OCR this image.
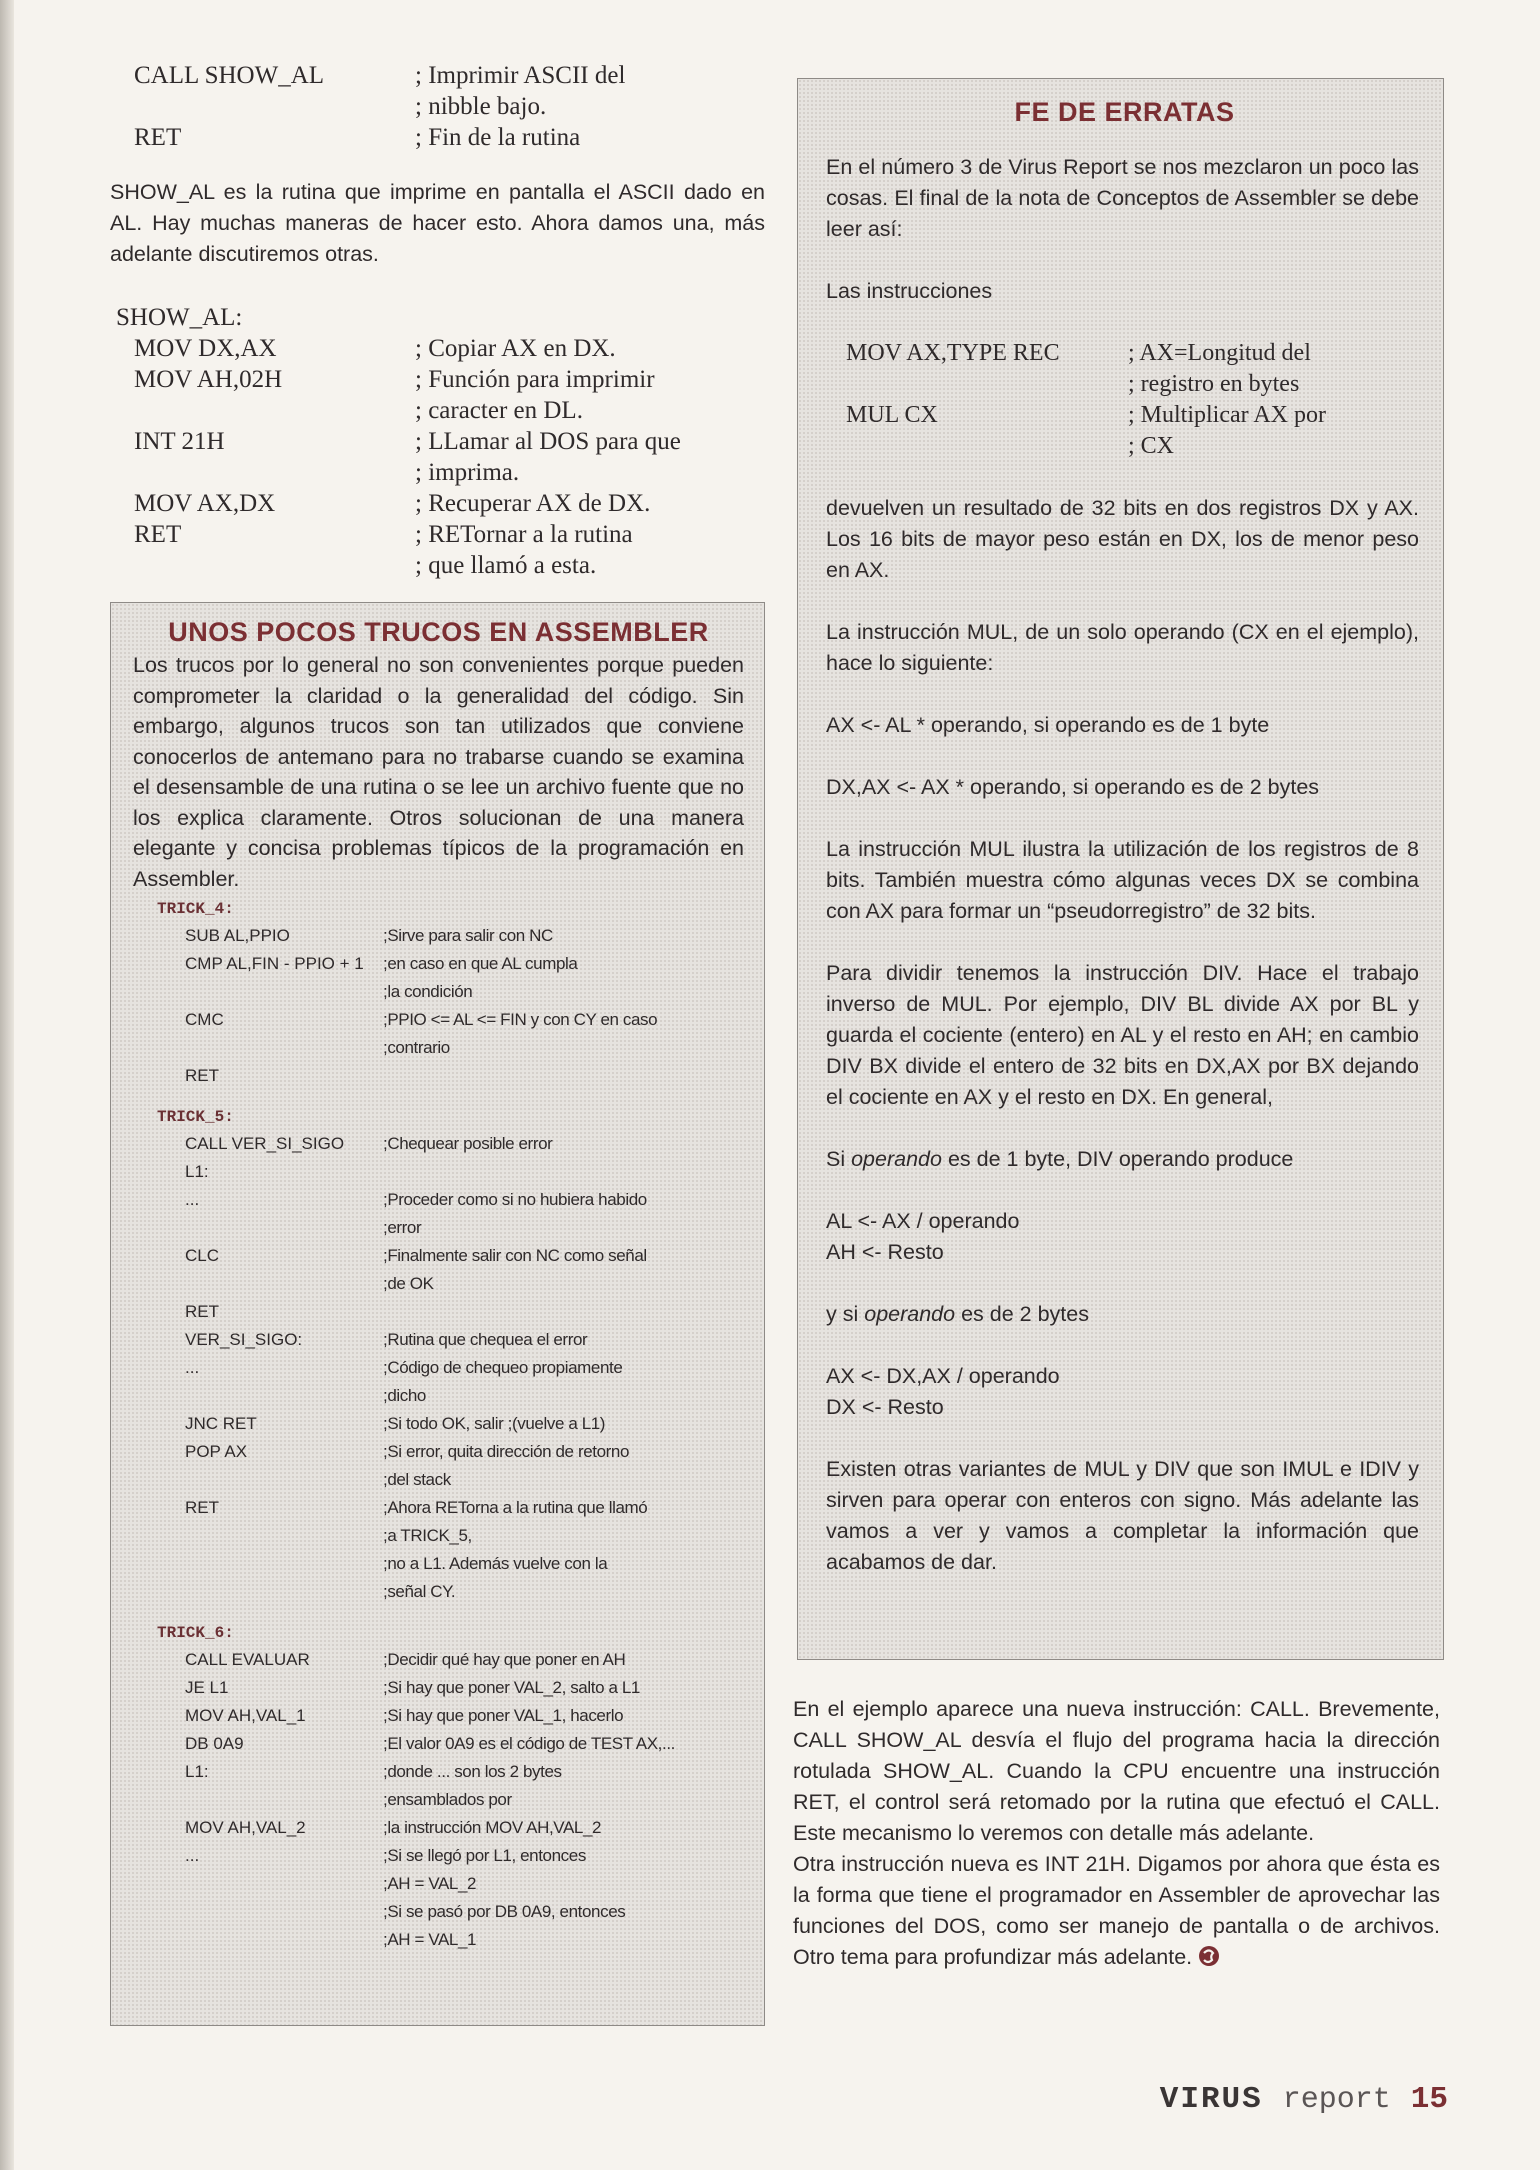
CALL SHOW_AL	; Imprimir ASCII del
; nibble bajo.
RET	; Fin de la rutina

SHOW_AL es la rutina que imprime en pantalla el ASCII dado en AL. Hay muchas maneras de hacer esto. Ahora damos una, más adelante discutiremos otras.

SHOW_AL:
MOV DX,AX	; Copiar AX en DX.
MOV AH,02H	; Función para imprimir
; caracter en DL.
INT 21H	; LLamar al DOS para que
; imprima.
MOV AX,DX	; Recuperar AX de DX.
RET	; RETornar a la rutina
; que llamó a esta.
UNOS POCOS TRUCOS EN ASSEMBLER

Los trucos por lo general no son convenientes porque pueden comprometer la claridad o la generalidad del código. Sin embargo, algunos trucos son tan utilizados que conviene conocerlos de antemano para no trabarse cuando se examina el desensamble de una rutina o se lee un archivo fuente que no los explica claramente. Otros solucionan de una manera elegante y concisa problemas típicos de la programación en Assembler.

TRICK_4:
SUB AL,PPIO	;Sirve para salir con NC
CMP AL,FIN - PPIO + 1	;en caso en que AL cumpla
;la condición
CMC	;PPIO <= AL <= FIN y con CY en caso
;contrario
RET
TRICK_5:
CALL VER_SI_SIGO	;Chequear posible error
L1:
...	;Proceder como si no hubiera habido
;error
CLC	;Finalmente salir con NC como señal
;de OK
RET
VER_SI_SIGO:	;Rutina que chequea el error
...	;Código de chequeo propiamente
;dicho
JNC RET	;Si todo OK, salir ;(vuelve a L1)
POP AX	;Si error, quita dirección de retorno
;del stack
RET	;Ahora RETorna a la rutina que llamó
;a TRICK_5,
;no a L1. Además vuelve con la
;señal CY.
TRICK_6:
CALL EVALUAR	;Decidir qué hay que poner en AH
JE L1	;Si hay que poner VAL_2, salto a L1
MOV AH,VAL_1	;Si hay que poner VAL_1, hacerlo
DB 0A9	;El valor 0A9 es el código de TEST AX,...
L1:	;donde ... son los 2 bytes
;ensamblados por
MOV AH,VAL_2	;la instrucción MOV AH,VAL_2
...	;Si se llegó por L1, entonces
;AH = VAL_2
;Si se pasó por DB 0A9, entonces
;AH = VAL_1
FE DE ERRATAS

En el número 3 de Virus Report se nos mezclaron un poco las cosas. El final de la nota de Conceptos de Assembler se debe leer así:

Las instrucciones

MOV AX,TYPE REC	; AX=Longitud del
; registro en bytes
MUL CX	; Multiplicar AX por
; CX

devuelven un resultado de 32 bits en dos registros DX y AX. Los 16 bits de mayor peso están en DX, los de menor peso en AX.

La instrucción MUL, de un solo operando (CX en el ejemplo), hace lo siguiente:

AX <- AL * operando, si operando es de 1 byte

DX,AX <- AX * operando, si operando es de 2 bytes

La instrucción MUL ilustra la utilización de los registros de 8 bits. También muestra cómo algunas veces DX se combina con AX para formar un “pseudorregistro” de 32 bits.

Para dividir tenemos la instrucción DIV. Hace el trabajo inverso de MUL. Por ejemplo, DIV BL divide AX por BL y guarda el cociente (entero) en AL y el resto en AH; en cambio DIV BX divide el entero de 32 bits en DX,AX por BX dejando el cociente en AX y el resto en DX. En general,

Si operando es de 1 byte, DIV operando produce

AL <- AX / operando

AH <- Resto

y si operando es de 2 bytes

AX <- DX,AX / operando

DX <- Resto

Existen otras variantes de MUL y DIV que son IMUL e IDIV y sirven para operar con enteros con signo. Más adelante las vamos a ver y vamos a completar la información que acabamos de dar.

En el ejemplo aparece una nueva instrucción: CALL. Brevemente, CALL SHOW_AL desvía el flujo del programa hacia la dirección rotulada SHOW_AL. Cuando la CPU encuentre una instrucción RET, el control será retomado por la rutina que efectuó el CALL. Este mecanismo lo veremos con detalle más adelante.

Otra instrucción nueva es INT 21H. Digamos por ahora que ésta es la forma que tiene el programador en Assembler de aprovechar las funciones del DOS, como ser manejo de pantalla o de archivos. Otro tema para profundizar más adelante.

VIRUS report 15
